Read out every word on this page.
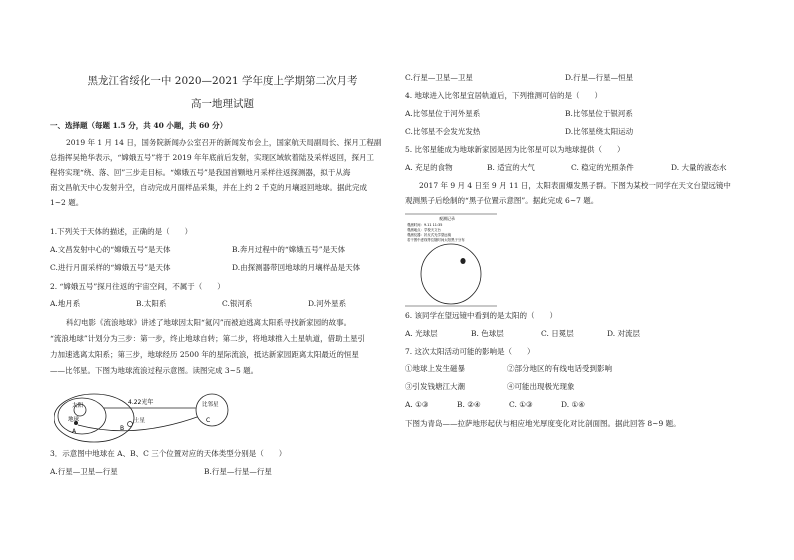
黑龙江省绥化一中 2020—2021 学年度上学期第二次月考
高一地理试题
一、选择题（每题 1.5 分，共 40 小题，共 60 分）
2019 年 1 月 14 日，国务院新闻办公室召开的新闻发布会上，国家航天局副局长、探月工程副
总指挥吴艳华表示，“嫦娥五号”将于 2019 年年底前后发射，实现区域软着陆及采样返回，探月工
程将实现“绕、落、回”三步走目标。“嫦娥五号”是我国首颗地月采样往返探测器，拟于从海
南文昌航天中心发射升空，自动完成月面样品采集，并在上约 2 千克的月壤返回地球。据此完成
1~2 题。
1.下列关于天体的描述，正确的是（　　）
A.文昌发射中心的“嫦娥五号”是天体	B.奔月过程中的“嫦娥五号”是天体
C.进行月面采样的“嫦娥五号”是天体	D.由探测器带回地球的月壤样品是天体
2. “嫦娥五号”探月往返的宇宙空间，不属于（　　）
A.地月系	B.太阳系	C.银河系	D.河外星系
科幻电影《流浪地球》讲述了地球因太阳“氦闪”而被迫逃离太阳系寻找新家园的故事。
“流浪地球”计划分为三步：第一步，终止地球自转；第二步，将地球推入土星轨道，借助土星引
力加速逃离太阳系；第三步，地球经历 2500 年的星际流浪，抵达新家园距离太阳最近的恒星
——比邻星。下图为地球流浪过程示意图。读图完成 3~5 题。
太阳
地球
A
土星
B
4.22光年	比邻星
C
3．示意图中地球在 A、B、C 三个位置对应的天体类型分别是（　　）
A.行星—卫星—行星	B.行星—行星—行星
C.行星—卫星—卫星	D.行星—行星—恒星
4. 地球进入比邻星宜居轨道后，下列推测可信的是（　　）
A.比邻星位于河外星系	B.比邻星位于银河系
C.比邻星不会发光发热	D.比邻星绕太阳运动
5. 比邻星能成为地球新家园是因为比邻星可以为地球提供（　　）
A. 充足的食物	B. 适宜的大气	C. 稳定的光照条件	D. 大量的液态水
2017 年 9 月 4 日至 9 月 11 日，太阳表面爆发黑子群。下图为某校一同学在天文台望远镜中
观测黑子后绘制的“黑子位置示意图”。据此完成 6~7 题。
观测记录
观测时间：9.11 11:35
观测地点：学校天文台
观测仪器：折反式光学望远镜
若干图中虚线等位随时间太阳黑子分布
6. 该同学在望远镜中看到的是太阳的（　　）
A. 光球层	B. 色球层	C. 日冕层	D. 对流层
7. 这次太阳活动可能的影响是（　　）
①地球上发生磁暴	②部分地区的有线电话受到影响
③引发钱塘江大潮	④可能出现极光现象
A. ①③	B. ②④	C. ①③	D. ①④
下图为青岛——拉萨地形起伏与相应地光厚度变化对比剖面图。据此回答 8~9 题。
